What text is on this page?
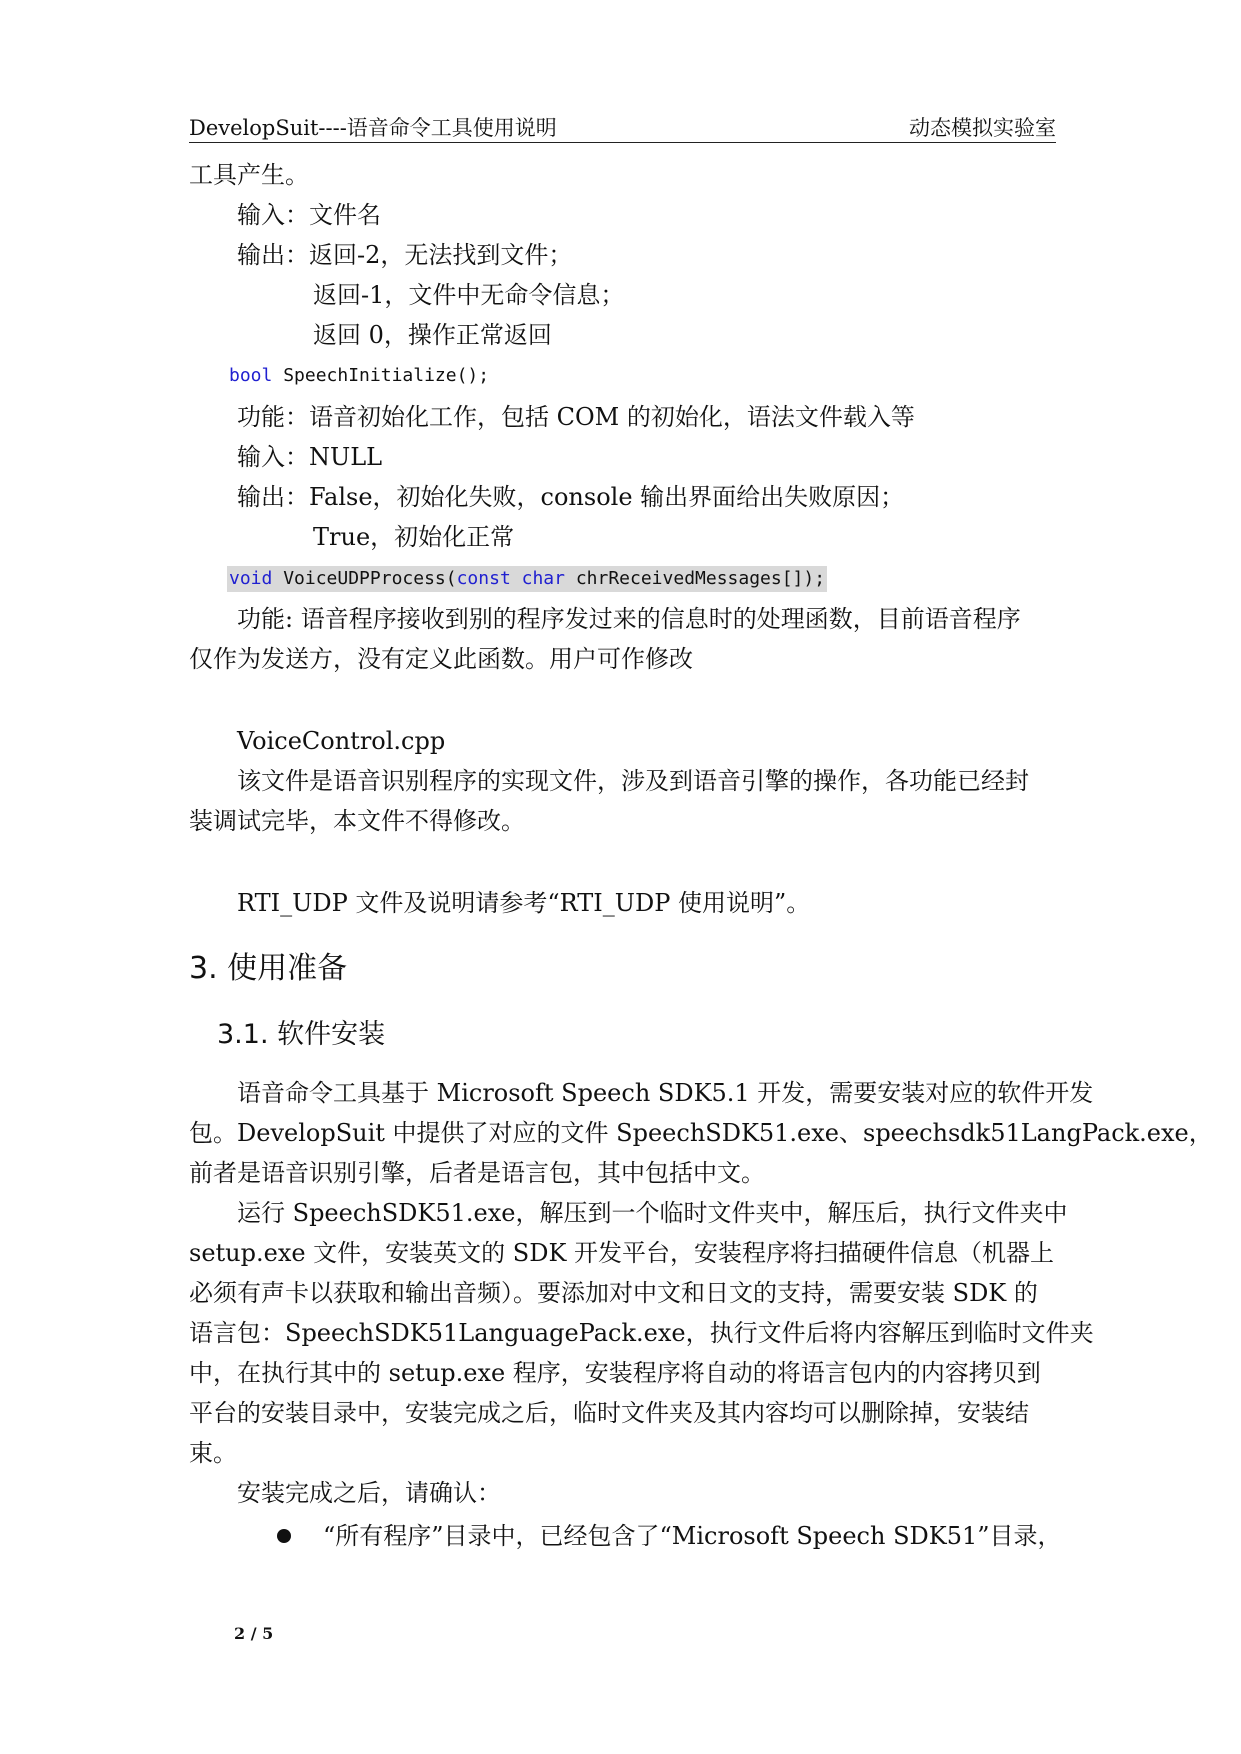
DevelopSuit----语音命令工具使用说明	动态模拟实验室
工具产生。
输入：文件名
输出：返回-2，无法找到文件；
返回-1，文件中无命令信息；
返回 0，操作正常返回
bool SpeechInitialize();
功能：语音初始化工作，包括 COM 的初始化，语法文件载入等
输入：NULL
输出：False，初始化失败，console 输出界面给出失败原因；
True，初始化正常
void VoiceUDPProcess(const char chrReceivedMessages[]);
功能: 语音程序接收到别的程序发过来的信息时的处理函数，目前语音程序
仅作为发送方，没有定义此函数。用户可作修改
VoiceControl.cpp
该文件是语音识别程序的实现文件，涉及到语音引擎的操作，各功能已经封
装调试完毕，本文件不得修改。
RTI_UDP 文件及说明请参考“RTI_UDP 使用说明”。
3. 使用准备
3.1. 软件安装
语音命令工具基于 Microsoft Speech SDK5.1 开发，需要安装对应的软件开发
包。DevelopSuit 中提供了对应的文件 SpeechSDK51.exe、speechsdk51LangPack.exe，
前者是语音识别引擎，后者是语言包，其中包括中文。
运行 SpeechSDK51.exe，解压到一个临时文件夹中，解压后，执行文件夹中
setup.exe 文件，安装英文的 SDK 开发平台，安装程序将扫描硬件信息（机器上
必须有声卡以获取和输出音频）。要添加对中文和日文的支持，需要安装 SDK 的
语言包：SpeechSDK51LanguagePack.exe，执行文件后将内容解压到临时文件夹
中，在执行其中的 setup.exe 程序，安装程序将自动的将语言包内的内容拷贝到
平台的安装目录中，安装完成之后，临时文件夹及其内容均可以删除掉，安装结
束。
安装完成之后，请确认：
“所有程序”目录中，已经包含了“Microsoft Speech SDK51”目录，
2 / 5
